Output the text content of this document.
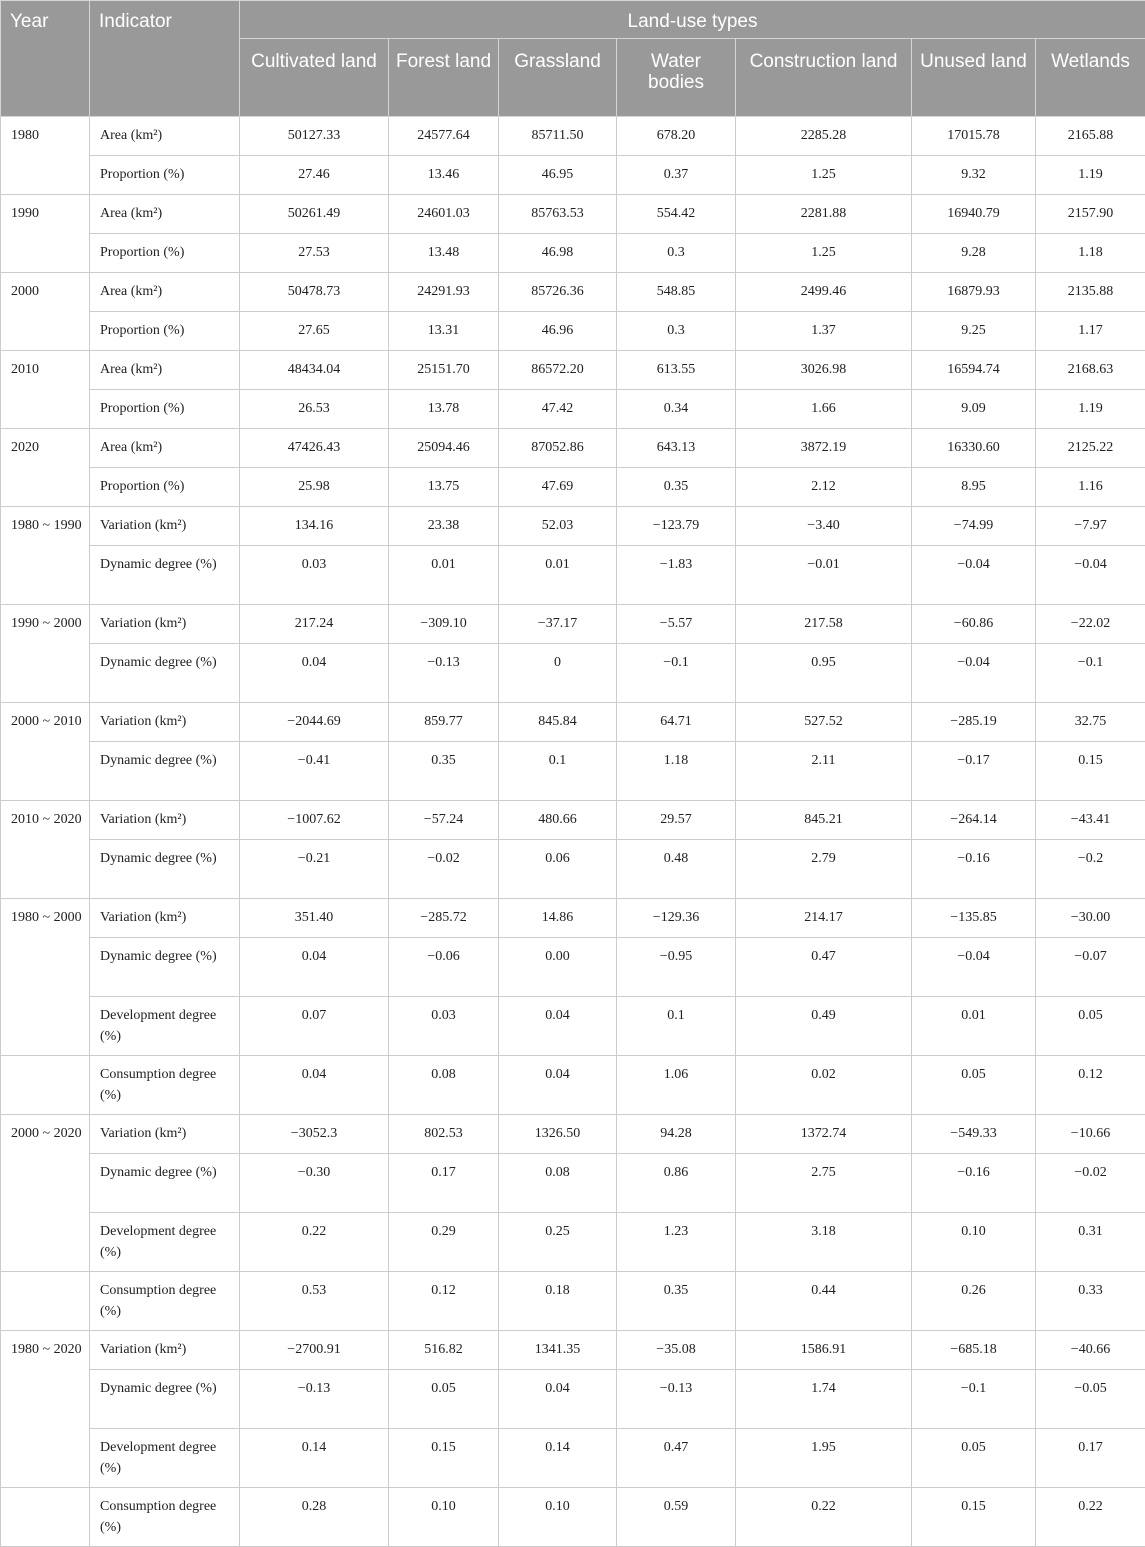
Year	Indicator	Land-use types						
		Cultivated land	Forest land	Grassland	Water bodies	Construction land	Unused land	Wetlands
1980	Area (km²)	50127.33	24577.64	85711.50	678.20	2285.28	17015.78	2165.88
	Proportion (%)	27.46	13.46	46.95	0.37	1.25	9.32	1.19
1990	Area (km²)	50261.49	24601.03	85763.53	554.42	2281.88	16940.79	2157.90
	Proportion (%)	27.53	13.48	46.98	0.3	1.25	9.28	1.18
2000	Area (km²)	50478.73	24291.93	85726.36	548.85	2499.46	16879.93	2135.88
	Proportion (%)	27.65	13.31	46.96	0.3	1.37	9.25	1.17
2010	Area (km²)	48434.04	25151.70	86572.20	613.55	3026.98	16594.74	2168.63
	Proportion (%)	26.53	13.78	47.42	0.34	1.66	9.09	1.19
2020	Area (km²)	47426.43	25094.46	87052.86	643.13	3872.19	16330.60	2125.22
	Proportion (%)	25.98	13.75	47.69	0.35	2.12	8.95	1.16
1980 ~ 1990	Variation (km²)	134.16	23.38	52.03	−123.79	−3.40	−74.99	−7.97
	Dynamic degree (%)	0.03	0.01	0.01	−1.83	−0.01	−0.04	−0.04
1990 ~ 2000	Variation (km²)	217.24	−309.10	−37.17	−5.57	217.58	−60.86	−22.02
	Dynamic degree (%)	0.04	−0.13	0	−0.1	0.95	−0.04	−0.1
2000 ~ 2010	Variation (km²)	−2044.69	859.77	845.84	64.71	527.52	−285.19	32.75
	Dynamic degree (%)	−0.41	0.35	0.1	1.18	2.11	−0.17	0.15
2010 ~ 2020	Variation (km²)	−1007.62	−57.24	480.66	29.57	845.21	−264.14	−43.41
	Dynamic degree (%)	−0.21	−0.02	0.06	0.48	2.79	−0.16	−0.2
1980 ~ 2000	Variation (km²)	351.40	−285.72	14.86	−129.36	214.17	−135.85	−30.00
	Dynamic degree (%)	0.04	−0.06	0.00	−0.95	0.47	−0.04	−0.07
	Development degree (%)	0.07	0.03	0.04	0.1	0.49	0.01	0.05
	Consumption degree (%)	0.04	0.08	0.04	1.06	0.02	0.05	0.12
2000 ~ 2020	Variation (km²)	−3052.3	802.53	1326.50	94.28	1372.74	−549.33	−10.66
	Dynamic degree (%)	−0.30	0.17	0.08	0.86	2.75	−0.16	−0.02
	Development degree (%)	0.22	0.29	0.25	1.23	3.18	0.10	0.31
	Consumption degree (%)	0.53	0.12	0.18	0.35	0.44	0.26	0.33
1980 ~ 2020	Variation (km²)	−2700.91	516.82	1341.35	−35.08	1586.91	−685.18	−40.66
	Dynamic degree (%)	−0.13	0.05	0.04	−0.13	1.74	−0.1	−0.05
	Development degree (%)	0.14	0.15	0.14	0.47	1.95	0.05	0.17
	Consumption degree (%)	0.28	0.10	0.10	0.59	0.22	0.15	0.22
